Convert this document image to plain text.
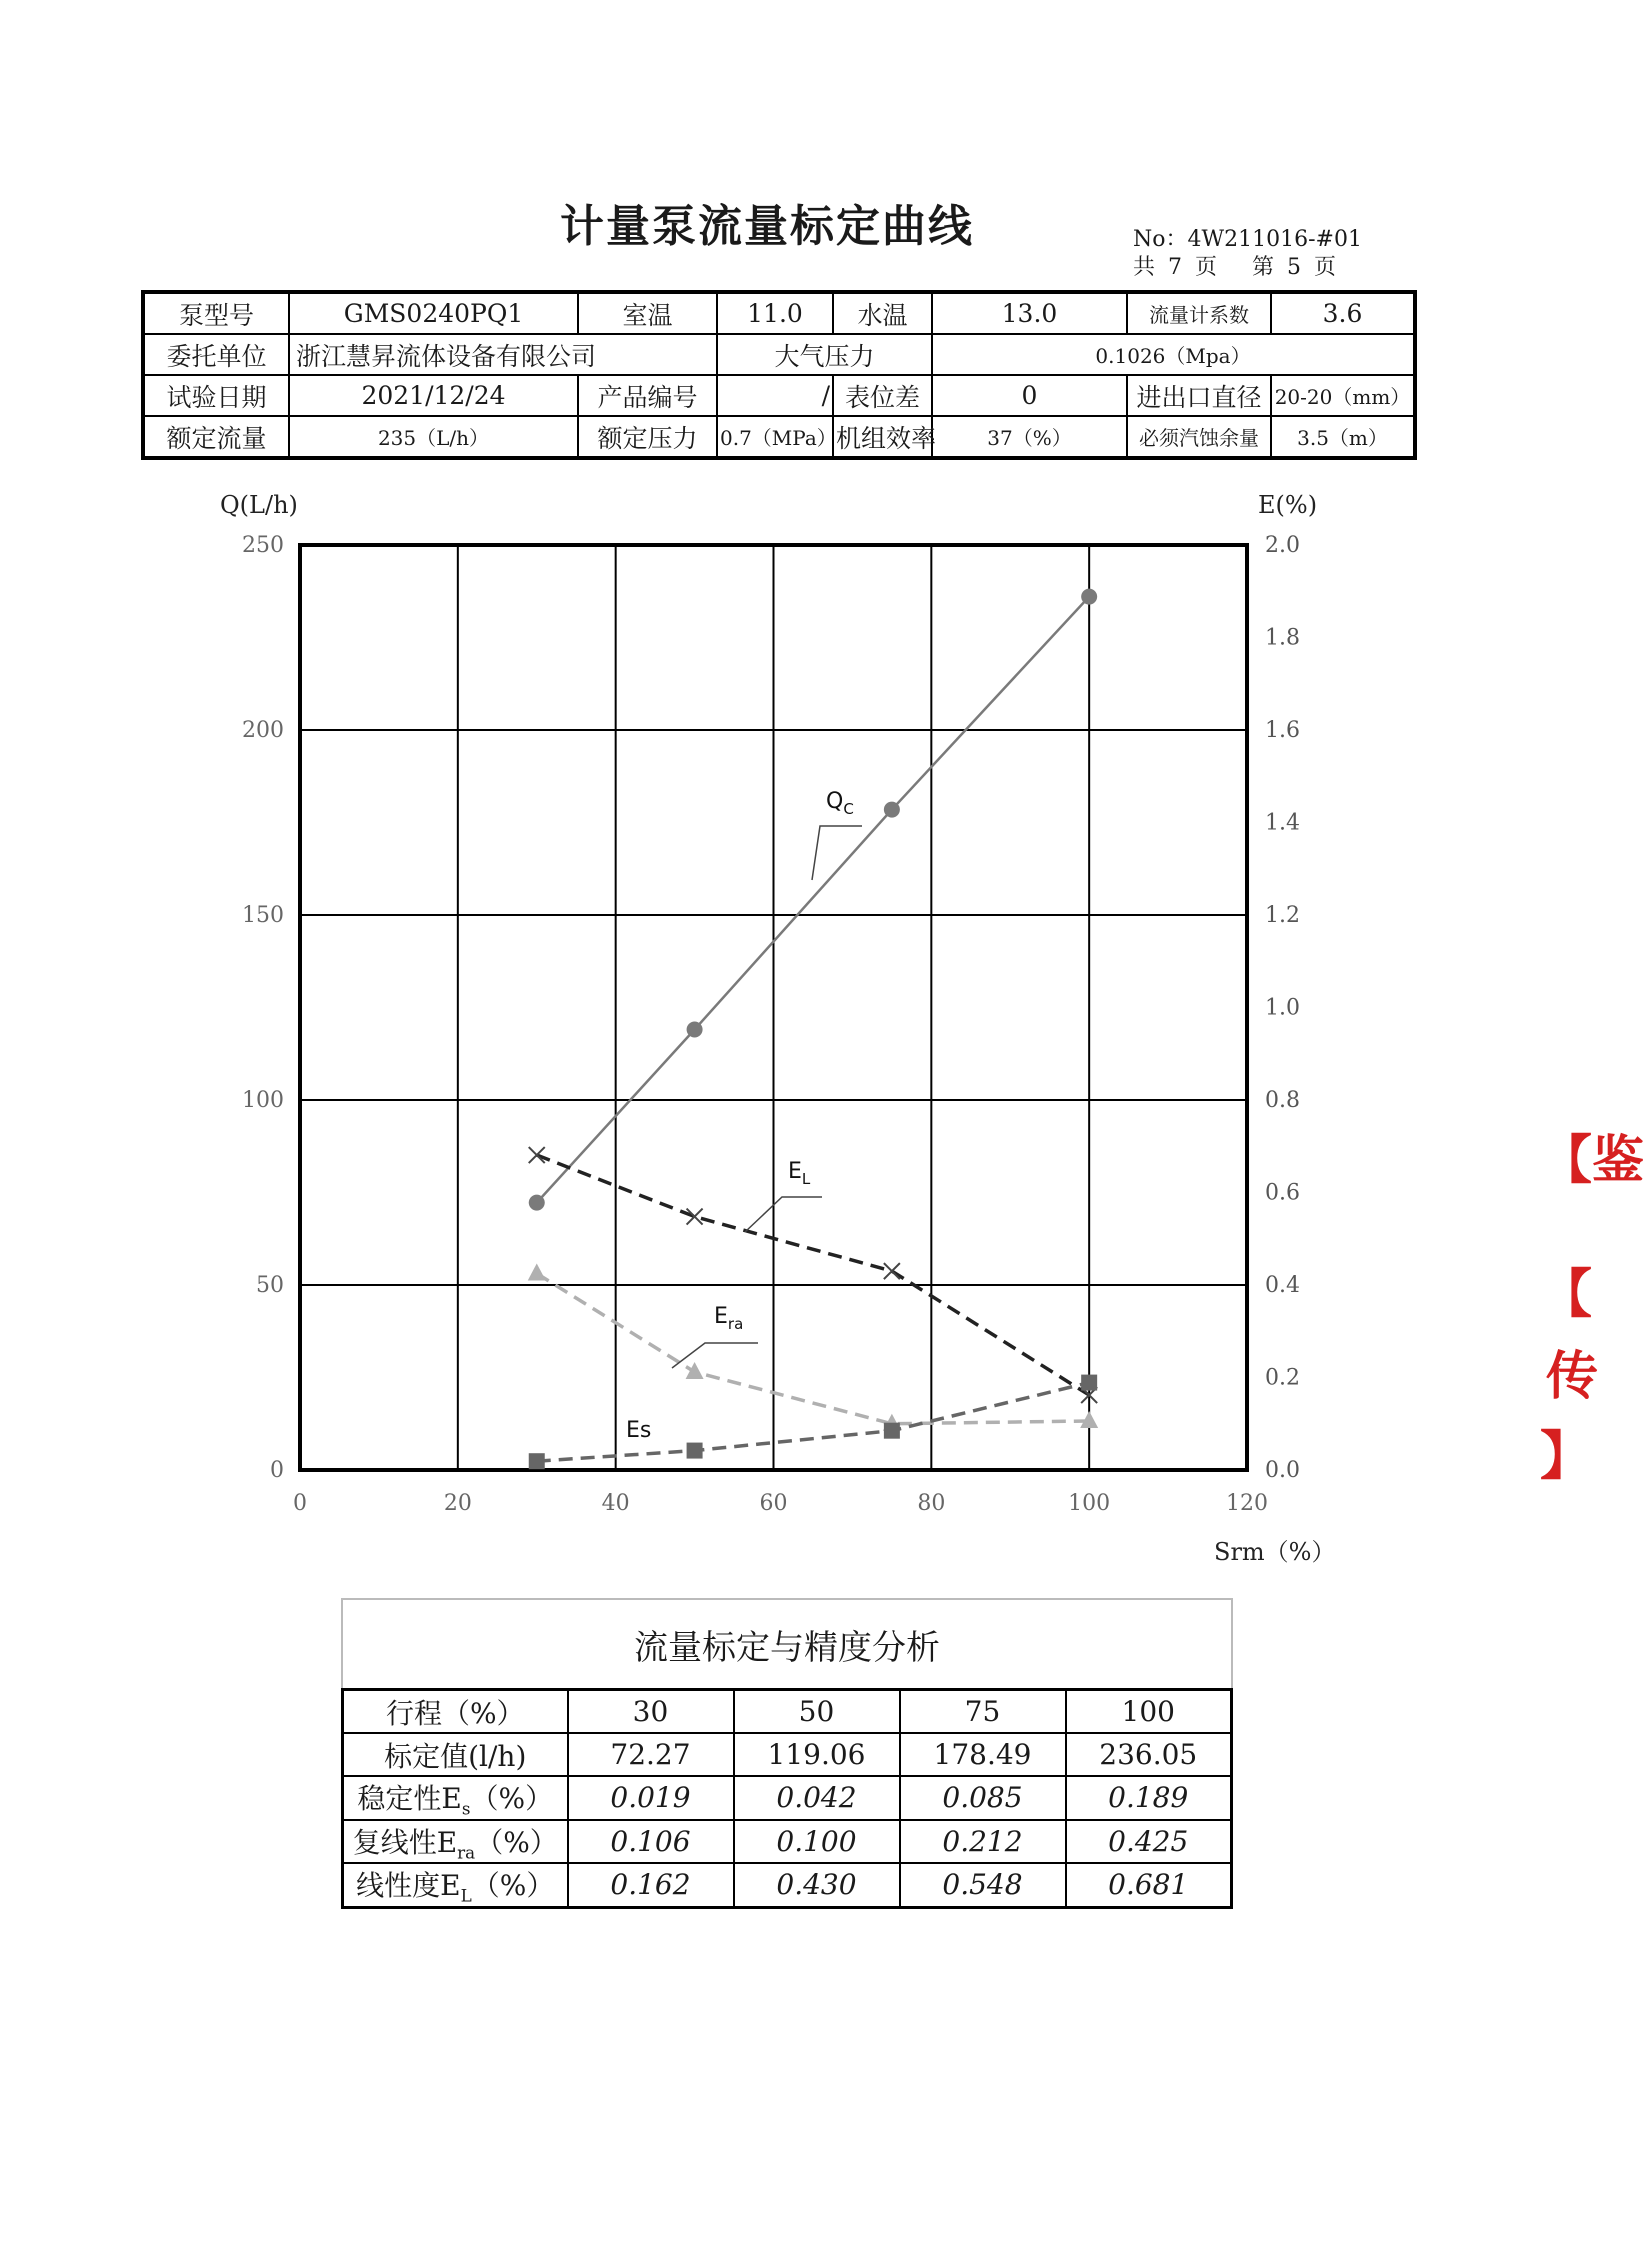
计量泵流量标定曲线	No：4W211016-#01
共 7 页　 第 5 页
泵型号	GMS0240PQ1	室温	11.0	水温	13.0	流量计系数	3.6
委托单位	浙江慧昇流体设备有限公司		大气压力		0.1026（Mpa）		
试验日期	2021/12/24	产品编号	/	表位差	0	进出口直径	20-20（mm）
额定流量	235（L/h）	额定压力	0.7（MPa）	机组效率	37（%）	必须汽蚀余量	3.5（m）
0	20	40	60	80	100	120
0
50
100
150
200
250
0.0
0.2
0.4
0.6
0.8
1.0
1.2
1.4
1.6
1.8
2.0
Q(L/h)	E(%)
Srm（%）
$Q_C$
$E_L$
$E_{ra}$
Es
【鉴
【
传
】
流量标定与精度分析
行程（%）	30	50	75	100
标定值(l/h)	72.27	119.06	178.49	236.05
稳定性$E_s(\%)$	0.019	0.042	0.085	0.189
复线性$E_{ra}(\%)$	0.106	0.100	0.212	0.425
线性度$E_L(\%)$	0.162	0.430	0.548	0.681
